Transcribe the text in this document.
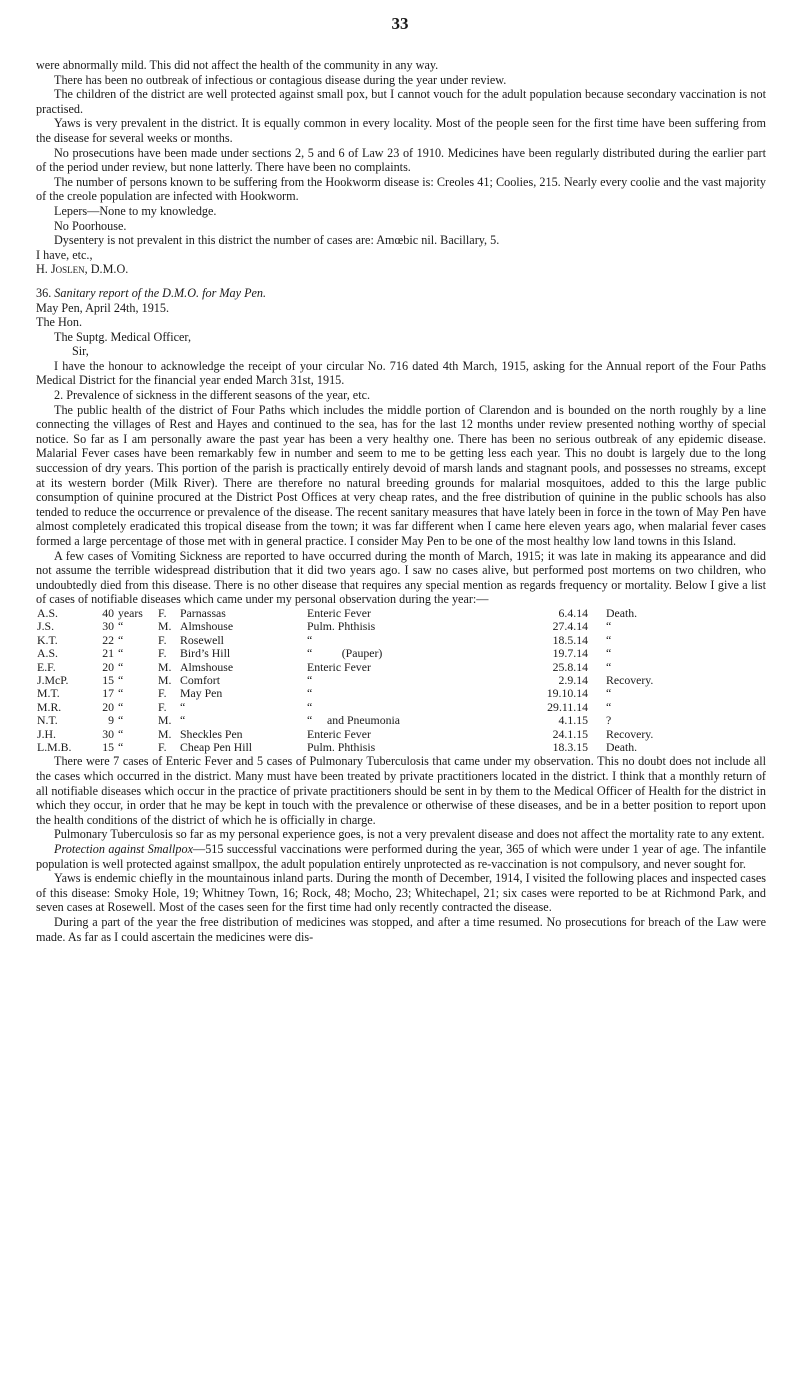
33

were abnormally mild. This did not affect the health of the community in any way.

There has been no outbreak of infectious or contagious disease during the year under review.

The children of the district are well protected against small pox, but I cannot vouch for the adult population because secondary vaccination is not practised.

Yaws is very prevalent in the district. It is equally common in every locality. Most of the people seen for the first time have been suffering from the disease for several weeks or months.

No prosecutions have been made under sections 2, 5 and 6 of Law 23 of 1910. Medicines have been regularly distributed during the earlier part of the period under review, but none latterly. There have been no complaints.

The number of persons known to be suffering from the Hookworm disease is: Creoles 41; Coolies, 215. Nearly every coolie and the vast majority of the creole population are infected with Hookworm.

Lepers—None to my knowledge.

No Poorhouse.

Dysentery is not prevalent in this district the number of cases are: Amœbic nil. Bacillary, 5.

I have, etc.,

H. Joslen, D.M.O.

36. Sanitary report of the D.M.O. for May Pen.

May Pen, April 24th, 1915.

The Hon.

The Suptg. Medical Officer,

Sir,

I have the honour to acknowledge the receipt of your circular No. 716 dated 4th March, 1915, asking for the Annual report of the Four Paths Medical District for the financial year ended March 31st, 1915.

2. Prevalence of sickness in the different seasons of the year, etc.

The public health of the district of Four Paths which includes the middle portion of Clarendon and is bounded on the north roughly by a line connecting the villages of Rest and Hayes and continued to the sea, has for the last 12 months under review presented nothing worthy of special notice. So far as I am personally aware the past year has been a very healthy one. There has been no serious outbreak of any epidemic disease. Malarial Fever cases have been remarkably few in number and seem to me to be getting less each year. This no doubt is largely due to the long succession of dry years. This portion of the parish is practically entirely devoid of marsh lands and stagnant pools, and possesses no streams, except at its western border (Milk River). There are therefore no natural breeding grounds for malarial mosquitoes, added to this the large public consumption of quinine procured at the District Post Offices at very cheap rates, and the free distribution of quinine in the public schools has also tended to reduce the occurrence or prevalence of the disease. The recent sanitary measures that have lately been in force in the town of May Pen have almost completely eradicated this tropical disease from the town; it was far different when I came here eleven years ago, when malarial fever cases formed a large percentage of those met with in general practice. I consider May Pen to be one of the most healthy low land towns in this Island.

A few cases of Vomiting Sickness are reported to have occurred during the month of March, 1915; it was late in making its appearance and did not assume the terrible widespread distribution that it did two years ago. I saw no cases alive, but performed post mortems on two children, who undoubtedly died from this disease. There is no other disease that requires any special mention as regards frequency or mortality. Below I give a list of cases of notifiable diseases which came under my personal observation during the year:—

A.S.	40	years	F.	Parnassas	Enteric Fever	6.4.14	Death.
J.S.	30	“	M.	Almshouse	Pulm. Phthisis	27.4.14	“
K.T.	22	“	F.	Rosewell	“	18.5.14	“
A.S.	21	“	F.	Bird’s Hill	“          (Pauper)	19.7.14	“
E.F.	20	“	M.	Almshouse	Enteric Fever	25.8.14	“
J.McP.	15	“	M.	Comfort	“	2.9.14	Recovery.
M.T.	17	“	F.	May Pen	“	19.10.14	“
M.R.	20	“	F.	“	“	29.11.14	“
N.T.	9	“	M.	“	“     and Pneumonia	4.1.15	?
J.H.	30	“	M.	Sheckles Pen	Enteric Fever	24.1.15	Recovery.
L.M.B.	15	“	F.	Cheap Pen Hill	Pulm. Phthisis	18.3.15	Death.

There were 7 cases of Enteric Fever and 5 cases of Pulmonary Tuberculosis that came under my observation. This no doubt does not include all the cases which occurred in the district. Many must have been treated by private practitioners located in the district. I think that a monthly return of all notifiable diseases which occur in the practice of private practitioners should be sent in by them to the Medical Officer of Health for the district in which they occur, in order that he may be kept in touch with the prevalence or otherwise of these diseases, and be in a better position to report upon the health conditions of the district of which he is officially in charge.

Pulmonary Tuberculosis so far as my personal experience goes, is not a very prevalent disease and does not affect the mortality rate to any extent.

Protection against Smallpox—515 successful vaccinations were performed during the year, 365 of which were under 1 year of age. The infantile population is well protected against smallpox, the adult population entirely unprotected as re-vaccination is not compulsory, and never sought for.

Yaws is endemic chiefly in the mountainous inland parts. During the month of December, 1914, I visited the following places and inspected cases of this disease: Smoky Hole, 19; Whitney Town, 16; Rock, 48; Mocho, 23; Whitechapel, 21; six cases were reported to be at Richmond Park, and seven cases at Rosewell. Most of the cases seen for the first time had only recently contracted the disease.

During a part of the year the free distribution of medicines was stopped, and after a time resumed. No prosecutions for breach of the Law were made. As far as I could ascertain the medicines were dis-
